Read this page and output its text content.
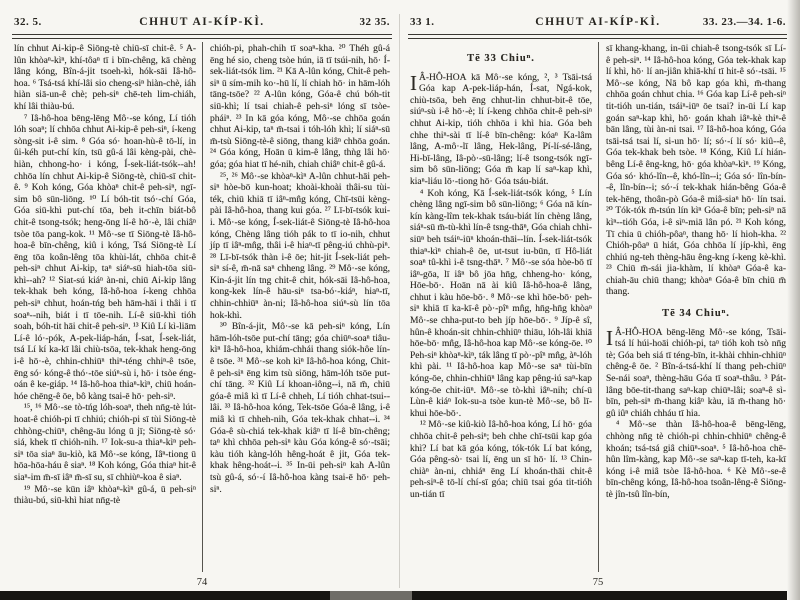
32. 5.	CHHUT AI-KÍP-KÌ.	32 35.

lín chhut Ai-kip-ê Siōng-tè chiū-sī chit-ê. ⁵ A-lûn khòaⁿ-kìⁿ, khí-tôaⁿ tī i bīn-chêng, kā chèng lâng kóng, Bîn-á-jit tsoeh-kì, hók-sāi Iâ-hô-hoa. ⁶ Tsá-tsá khí-lâi sio cheng-siⁿ hiàn-chè, iáh hiàn siā-un-ê chè; peh-siⁿ chē-teh lim-chiáh, khí lâi thiàu-bú.

⁷ Iâ-hô-hoa bēng-lēng Mô·-se kóng, Lí tióh lóh soaⁿ; lí chhōa chhut Ai-kip-ê peh-siⁿ, í-keng sòng-sit i-ê sim. ⁸ Góa só· hoan-hù-ê tō-lí, in ûi-kéh put-chí kín, tsū gû-á lâi kèng-pài, chè-hiàn, chhong-ho· i kóng, Í-sek-liát-tsók--ah! chhōa lín chhut Ai-kip-ê Siōng-tè, chiū-sī chit-ê. ⁹ Koh kóng, Góa khòaⁿ chit-ê peh-siⁿ, ngī-sim bô sūn-liōng. ¹⁰ Lí bóh-tit tsó·-chí Góa, Góa siū-khì put-chí tōa, beh it-chīn biát-bô chit-ê tsong-tsók; heng-ōng lí-ê hō·-è, lâi chiâⁿ tsòe tōa pang-kok. ¹¹ Mô·-se tī Siōng-tè Iâ-hô-hoa-ê bīn-chêng, kiû i kóng, Tsá Siōng-tè Lí ēng tōa koân-lêng tōa khùi-lát, chhōa chit-ê peh-siⁿ chhut Ai-kip, taⁿ siáⁿ-sū hiah-tōa siū-khì--ah? ¹² Siat-sú kiáⁿ àn-ni, chiū Ai-kip lâng tek-khak beh kóng, Iâ-hô-hoa í-keng chhōa peh-siⁿ chhut, hoán-tńg beh hām-hāi i thâi i tī soaⁿ--nih, biát i tī tōe-nih. Lí-ê siū-khì tióh soah, bóh-tit hāi chit-ê peh-siⁿ. ¹³ Kiû Lí kì-liām Lí-ê ló·-pók, A-pek-liáp-hán, Í-sat, Í-sek-liát, tsá Lí kí ka-kī lâi chiù-tsōa, tek-khak heng-ōng i-ê hō·-è, chhin-chhiūⁿ thiⁿ-téng chhiⁿ-ê tsōe, ēng só· kóng-ê thó·-tōe siúⁿ-sù i, hō· i tsòe éng-oán ê ke-giáp. ¹⁴ Iâ-hô-hoa thiaⁿ-kìⁿ, chiū hoán-hóe chēng-ê ōe, bô kàng tsai-ē hō· peh-siⁿ.

¹⁵, ¹⁶ Mô·-se tò-tńg lóh-soaⁿ, theh nn̄g-tè lút-hoat-ê chióh-pi tī chhiú; chióh-pi sī tùi Siōng-tè chhòng-chiūⁿ, chêng-āu lóng ū jī; Siōng-tè só· siá, khek tī chióh-nih. ¹⁷ Iok-su-a thiaⁿ-kìⁿ peh-siⁿ tōa siaⁿ āu-kiò, kā Mô·-se kóng, Iâⁿ-tiong ū hōa-hōa-háu ê siaⁿ. ¹⁸ Koh kóng, Góa thiaⁿ hit-ê siaⁿ-im m̄-sī iâⁿ m̄-sī su, sī chhiùⁿ-koa ê siaⁿ.

¹⁹ Mô·-se kūn iâⁿ khòaⁿ-kìⁿ gû-á, ū peh-siⁿ thiàu-bú, siū-khì hiat nn̄g-tè

chióh-pi, phah-chih tī soaⁿ-kha. ²⁰ Théh gû-á ēng hé sio, cheng tsòe hún, iā tī tsúi-nih, hō· Í-sek-liát-tsók lim. ²¹ Kā A-lûn kóng, Chit-ê peh-siⁿ ū sím-mih ko·-hū lí, lí chiah hō· in hām-lóh tāng-tsōe? ²² A-lûn kóng, Góa-ê chú bóh-tit siū-khì; lí tsai chiah-ê peh-siⁿ lóng sī tsòe-pháiⁿ. ²³ In kā góa kóng, Mô·-se chhōa goán chhut Ai-kip, taⁿ m̄-tsai i tóh-lóh khì; lí siáⁿ-sū m̄-tsù Siōng-tè-ê siōng, thang kiâⁿ chhōa goán. ²⁴ Góa kóng, Hoān ū kim-ê lâng, thǹg lâi hō· góa; góa hiat tī hé-nih, chiah chiâⁿ chit-ê gû-á.

²⁵, ²⁶ Mô·-se khòaⁿ-kìⁿ A-lûn chhut-hāi peh-siⁿ hòe-bō kun-hoat; khoài-khoài thâi-su tùi-ték, chiū khiā tī iâⁿ-mn̂g kóng, Chī-tsūi kèng-pài Iâ-hô-hoa, thang kui góa. ²⁷ Lī-bī-tsók kui-i. Mô·-se kóng, Í-sek-liát-ê Siōng-tè Iâ-hô-hoa kóng, Chèng lâng tióh pák to tī io-nih, chhut jíp tī iâⁿ-mn̂g, thâi i-ê hiaⁿ-tī pêng-iú chhù-piⁿ. ²⁸ Lī-bī-tsók thàn i-ê ōe; hit-jit Í-sek-liát peh-siⁿ sí-ê, m̄-nā saⁿ chheng lâng. ²⁹ Mô·-se kóng, Kin-á-jit lín tng chit-ê chit, hók-sāi Iâ-hô-hoa, kong-kek lín-ê hāu-siⁿ tsa-bó·-kiáⁿ, hiaⁿ-tī, chhin-chhiūⁿ àn-ni; Iâ-hô-hoa siúⁿ-sù lín tōa hok-khì.

³⁰ Bîn-á-jit, Mô·-se kā peh-siⁿ kóng, Lín hām-lóh-tsōe put-chí tāng; góa chiūⁿ-soaⁿ tiâu-kìⁿ Iâ-hô-hoa, khiám-chhái thang siók-hôe lín-ê tsōe. ³¹ Mô·-se koh kìⁿ Iâ-hô-hoa kóng, Chit-ê peh-siⁿ ēng kim tsù siōng, hām-lóh tsōe put-chí tāng. ³² Kiû Lí khoan-iông--i, nā m̄, chiū góa-ê miâ kì tī Lí-ê chheh, Lí tióh chhat-tsui--lâi. ³³ Iâ-hô-hoa kóng, Tek-tsōe Góa-ê lâng, i-ê miâ kì tī chheh-nih, Góa tek-khak chhat--i. ³⁴ Góa-ê sù-chiá tek-khak kiâⁿ tī lí-ê bīn-chêng; taⁿ khì chhōa peh-siⁿ kàu Góa kóng-ê só·-tsāi; kàu tióh kàng-lóh hêng-hoát ê jit, Góa tek-khak hêng-hoát--i. ³⁵ In-ūi peh-siⁿ kah A-lûn tsù gû-á, só·-í Iâ-hô-hoa kàng tsai-ē hō· peh-siⁿ.

74
33 1.	CHHUT AI-KÍP-KÌ.	33. 23.—34. 1-6.
Tē 33 Chiuⁿ.

I Â-HÔ-HOA kā Mô·-se kóng, ², ³ Tsāi-tsá Góa kap A-pek-liáp-hán, Í-sat, Ngá-kok, chiù-tsōa, beh ēng chhut-lin chhut-bit-ê tōe, siúⁿ-sù i-ê hō·-è; lí í-keng chhōa chit-ê peh-siⁿ chhut Ai-kip, tióh chhōa i khì hia. Góa beh chhe thiⁿ-sài tī lí-ê bīn-chêng: kóaⁿ Ka-lâm lâng, A-mô·-lī lâng, Hek-lâng, Pí-lí-sé-lâng, Hi-bī-lâng, Iâ-pò·-sū-lâng; lí-ê tsong-tsók ngī-sim bô sūn-liōng; Góa m̄ kap lí saⁿ-kap khì, kiaⁿ-liáu lō·-tiong hō· Góa tsáu-biát.

⁴ Koh kóng, Kā Í-sek-liát-tsók kóng, ⁵ Lín chèng lâng ngī-sim bô sūn-liōng; ⁶ Góa nā kín-kín kàng-lîm tek-khak tsáu-biát lín chèng lâng, siáⁿ-sū m̄-tù-khì lín-ê tsng-thāⁿ, Góa chiah chhì-siūⁿ beh tsáiⁿ-iūⁿ khoán-thāi--lín. Í-sek-liát-tsók thiaⁿ-kìⁿ chiah-ê ōe, ut-tsut iu-būn, tī Hô-liát soaⁿ tû-khì i-ê tsng-thāⁿ. ⁷ Mô·-se sóa hòe-bō tī iâⁿ-gōa, lī iâⁿ bô jōa hn̄g, chheng-ho· kóng, Hōe-bō·. Hoān nā ài kiû Iâ-hô-hoa-ê lâng, chhut i kàu hōe-bō·. ⁸ Mô·-se khì hōe-bō· peh-siⁿ khiā tī ka-kī-ê pò·-pîⁿ mn̂g, hn̄g-hn̄g khòaⁿ Mô·-se chha-put-to beh jíp hōe-bō·. ⁹ Jíp-ê sî, hûn-ê khoán-sit chhin-chhiūⁿ thiāu, lóh-lâi khiā hōe-bō· mn̂g, Iâ-hô-hoa kap Mô·-se kóng-ōe. ¹⁰ Peh-siⁿ khòaⁿ-kìⁿ, ták lâng tī pò·-pîⁿ mn̂g, àⁿ-lóh khì pài. ¹¹ Iâ-hô-hoa kap Mô·-se saⁿ tùi-bīn kóng-ōe, chhin-chhiūⁿ lâng kap pêng-iú saⁿ-kap kóng-ōe chit-iūⁿ. Mô·-se tò-khì iâⁿ-nih; chí-ū Lùn-ê kiáⁿ Iok-su-a tsòe kun-tè Mô·-se, bô lī-khui hōe-bō·.

¹² Mô·-se kiû-kiò Iâ-hô-hoa kóng, Lí hō· góa chhōa chit-ê peh-siⁿ; beh chhe chī-tsūi kap góa khì? Lí bat kā góa kóng, tók-tók Lí bat kóng, Góa pêng-sò· tsai lí, ēng un sī hō· lí. ¹³ Chin-chiàⁿ àn-ni, chhiáⁿ ēng Lí khoán-thāi chit-ê peh-siⁿ-ê tō-lí chí-sī góa; chiū tsai góa tit-tióh un-tián tī

sī khang-khang, in-ūi chiah-ê tsong-tsók sī Lí-ê peh-siⁿ. ¹⁴ Iâ-hô-hoa kóng, Góa tek-khak kap lí khì, hō· lí an-jiân khiā-khí tī hit-ê só·-tsāi. ¹⁵ Mô·-se kóng, Nā bô kap góa khì, m̄-thang chhōa goán chhut chia. ¹⁶ Góa kap Lí-ê peh-siⁿ tit-tióh un-tián, tsáiⁿ-iūⁿ ōe tsai? in-ūi Lí kap goán saⁿ-kap khì, hō· goán khah iâⁿ-kè thiⁿ-ê bān lâng, tùi àn-ni tsai. ¹⁷ Iâ-hô-hoa kóng, Góa tsāi-tsá tsai lí, si-un hō· lí; só·-í lí só· kiû--ê, Góa tek-khak beh tsòe. ¹⁸ Kóng, Kiû Lí hián-bêng Lí-ê êng-kng, hō· góa khòaⁿ-kìⁿ. ¹⁹ Kóng, Góa só· khó-lîn--ê, khó-lîn--i; Góa só· lîn-bín--ê, lîn-bín--i; só·-í tek-khak hián-bêng Góa-ê tek-hēng, thoân-pò Góa-ê miâ-siaⁿ hō· lín tsai. ²⁰ Tók-tók m̄-tsún lín kìⁿ Góa-ê bīn; peh-siⁿ nā kìⁿ--tióh Góa, i-ê sìⁿ-miā lân pó. ²¹ Koh kóng, Tī chia ū chióh-pôaⁿ, thang hō· lí hioh-kha. ²² Chióh-pôaⁿ ū hiát, Góa chhōa lí jíp-khì, ēng chhiú ng-teh thèng-hāu êng-kng í-keng kè-khì. ²³ Chiū m̄-sái jia-khàm, lí khòaⁿ Góa-ê ka-chiah-āu chiū thang; khòaⁿ Góa-ê bīn chiū m̄ thang.

Tē 34 Chiuⁿ.

I Â-HÔ-HOA bēng-lēng Mô·-se kóng, Tsāi-tsá lí húi-hoāi chióh-pi, taⁿ tióh koh tsò nn̄g tè; Góa beh siá tī téng-bīn, it-khài chhin-chhiūⁿ chêng-ê ōe. ² Bîn-á-tsá-khí lí thang peh-chiūⁿ Se-nái soaⁿ, thèng-hāu Góa tī soaⁿ-thâu. ³ Pát-lâng bōe-tit-thang saⁿ-kap chiūⁿ-lâi; soaⁿ-ê sì-bīn, peh-siⁿ m̄-thang kiâⁿ kàu, iā m̄-thang hō· gû iûⁿ chiáh chháu tī hia.

⁴ Mô·-se thàn Iâ-hô-hoa-ê bēng-lēng, chhòng nn̄g tè chióh-pi chhin-chhiūⁿ chêng-ê khoán; tsá-tsá giâ chiūⁿ-soaⁿ. ⁵ Iâ-hô-hoa chē-hûn lîm-kàng, kap Mô·-se saⁿ-kap tī-teh, ka-kī kóng i-ê miâ tsòe Iâ-hô-hoa. ⁶ Kè Mô·-se-ê bīn-chêng kóng, Iâ-hô-hoa tsoân-lêng-ê Siōng-tè jîn-tsû lîn-bín,

75
